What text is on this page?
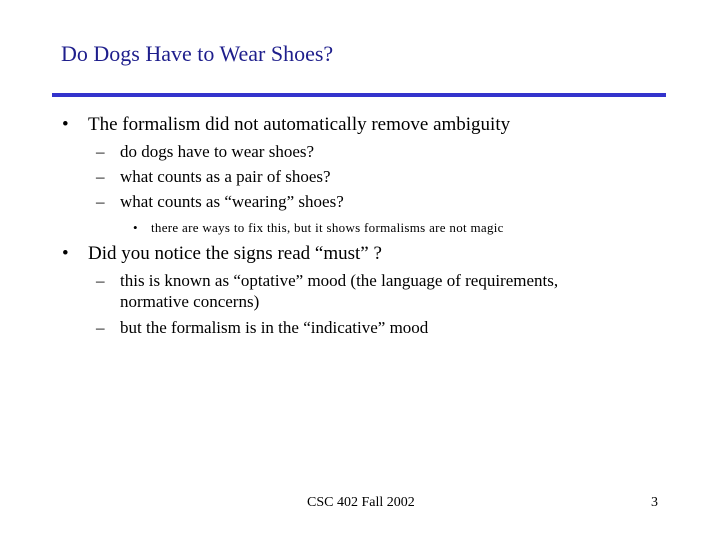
Do Dogs Have to Wear Shoes?
• The formalism did not automatically remove ambiguity
– do dogs have to wear shoes?
– what counts as a pair of shoes?
– what counts as “wearing” shoes?
• there are ways to fix this, but it shows formalisms are not magic
• Did you notice the signs read “must” ?
– this is known as “optative” mood (the language of requirements,
normative concerns)
– but the formalism is in the “indicative” mood
CSC 402 Fall 2002	3
